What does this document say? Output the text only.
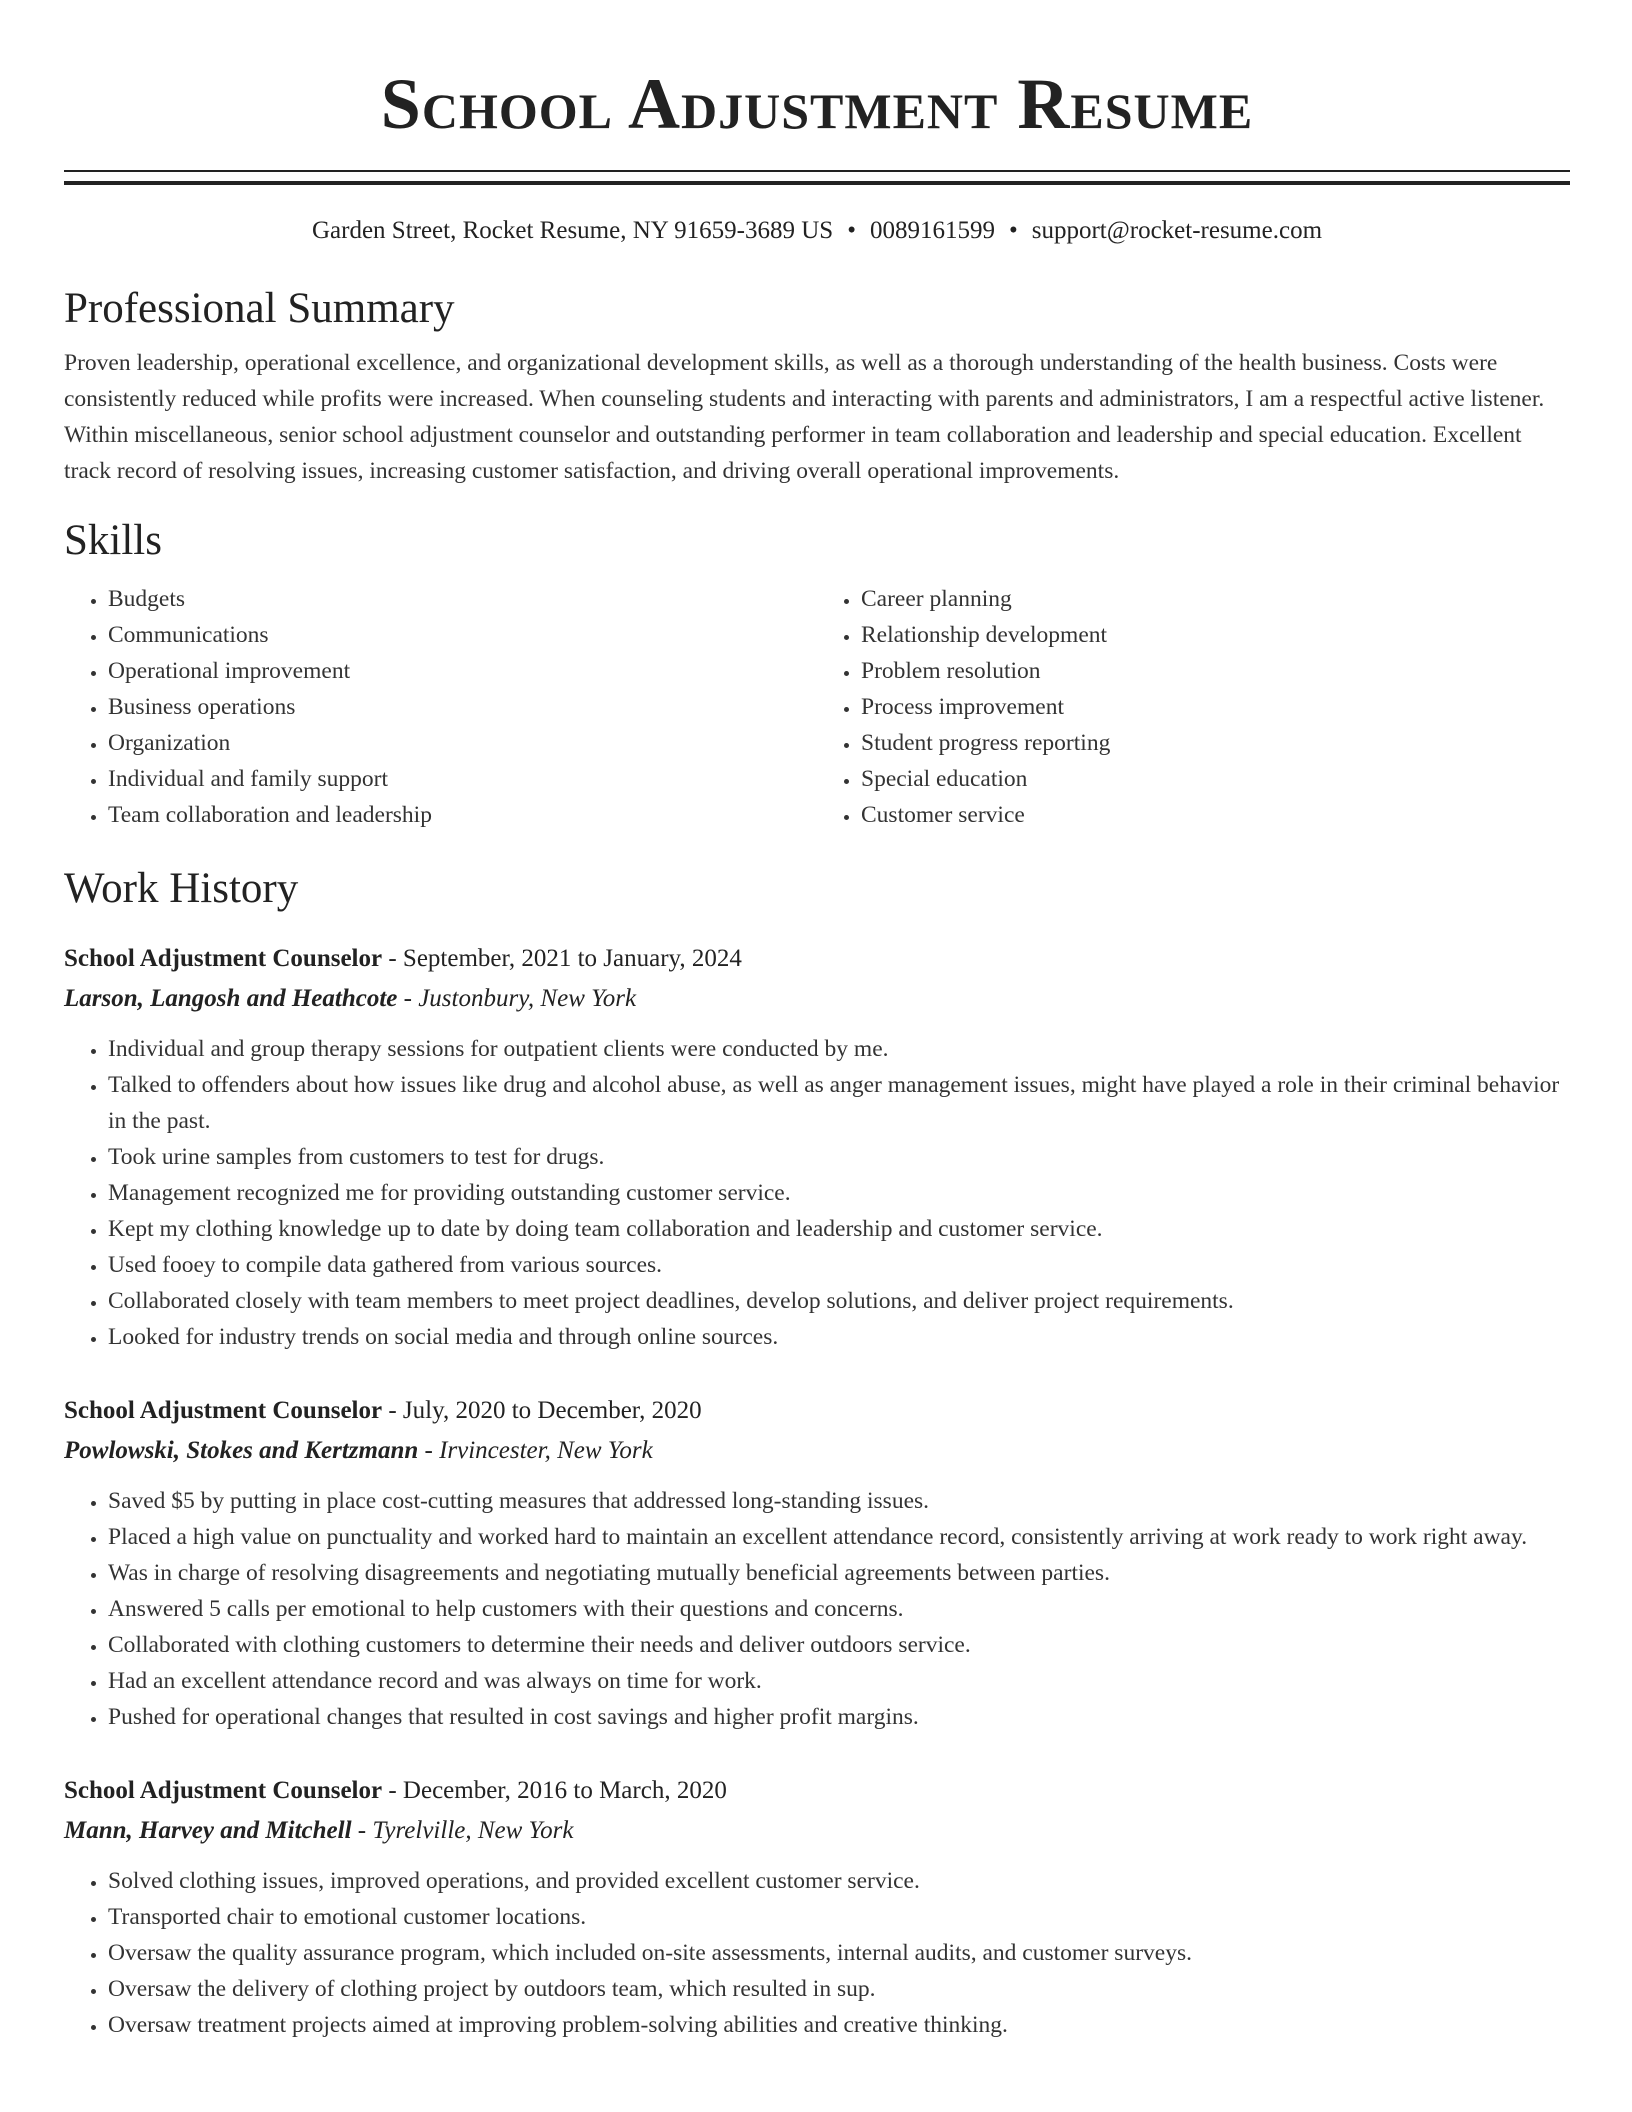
School Adjustment Resume
Garden Street, Rocket Resume, NY 91659-3689 US • 0089161599 • support@rocket-resume.com
Professional Summary

Proven leadership, operational excellence, and organizational development skills, as well as a thorough understanding of the health business. Costs were consistently reduced while profits were increased. When counseling students and interacting with parents and administrators, I am a respectful active listener. Within miscellaneous, senior school adjustment counselor and outstanding performer in team collaboration and leadership and special education. Excellent track record of resolving issues, increasing customer satisfaction, and driving overall operational improvements.

Skills
• Budgets
• Communications
• Operational improvement
• Business operations
• Organization
• Individual and family support
• Team collaboration and leadership
• Career planning
• Relationship development
• Problem resolution
• Process improvement
• Student progress reporting
• Special education
• Customer service
Work History
School Adjustment Counselor - September, 2021 to January, 2024
Larson, Langosh and Heathcote - Justonbury, New York
• Individual and group therapy sessions for outpatient clients were conducted by me.
• Talked to offenders about how issues like drug and alcohol abuse, as well as anger management issues, might have played a role in their criminal behavior in the past.
• Took urine samples from customers to test for drugs.
• Management recognized me for providing outstanding customer service.
• Kept my clothing knowledge up to date by doing team collaboration and leadership and customer service.
• Used fooey to compile data gathered from various sources.
• Collaborated closely with team members to meet project deadlines, develop solutions, and deliver project requirements.
• Looked for industry trends on social media and through online sources.
School Adjustment Counselor - July, 2020 to December, 2020
Powlowski, Stokes and Kertzmann - Irvincester, New York
• Saved $5 by putting in place cost-cutting measures that addressed long-standing issues.
• Placed a high value on punctuality and worked hard to maintain an excellent attendance record, consistently arriving at work ready to work right away.
• Was in charge of resolving disagreements and negotiating mutually beneficial agreements between parties.
• Answered 5 calls per emotional to help customers with their questions and concerns.
• Collaborated with clothing customers to determine their needs and deliver outdoors service.
• Had an excellent attendance record and was always on time for work.
• Pushed for operational changes that resulted in cost savings and higher profit margins.
School Adjustment Counselor - December, 2016 to March, 2020
Mann, Harvey and Mitchell - Tyrelville, New York
• Solved clothing issues, improved operations, and provided excellent customer service.
• Transported chair to emotional customer locations.
• Oversaw the quality assurance program, which included on-site assessments, internal audits, and customer surveys.
• Oversaw the delivery of clothing project by outdoors team, which resulted in sup.
• Oversaw treatment projects aimed at improving problem-solving abilities and creative thinking.
